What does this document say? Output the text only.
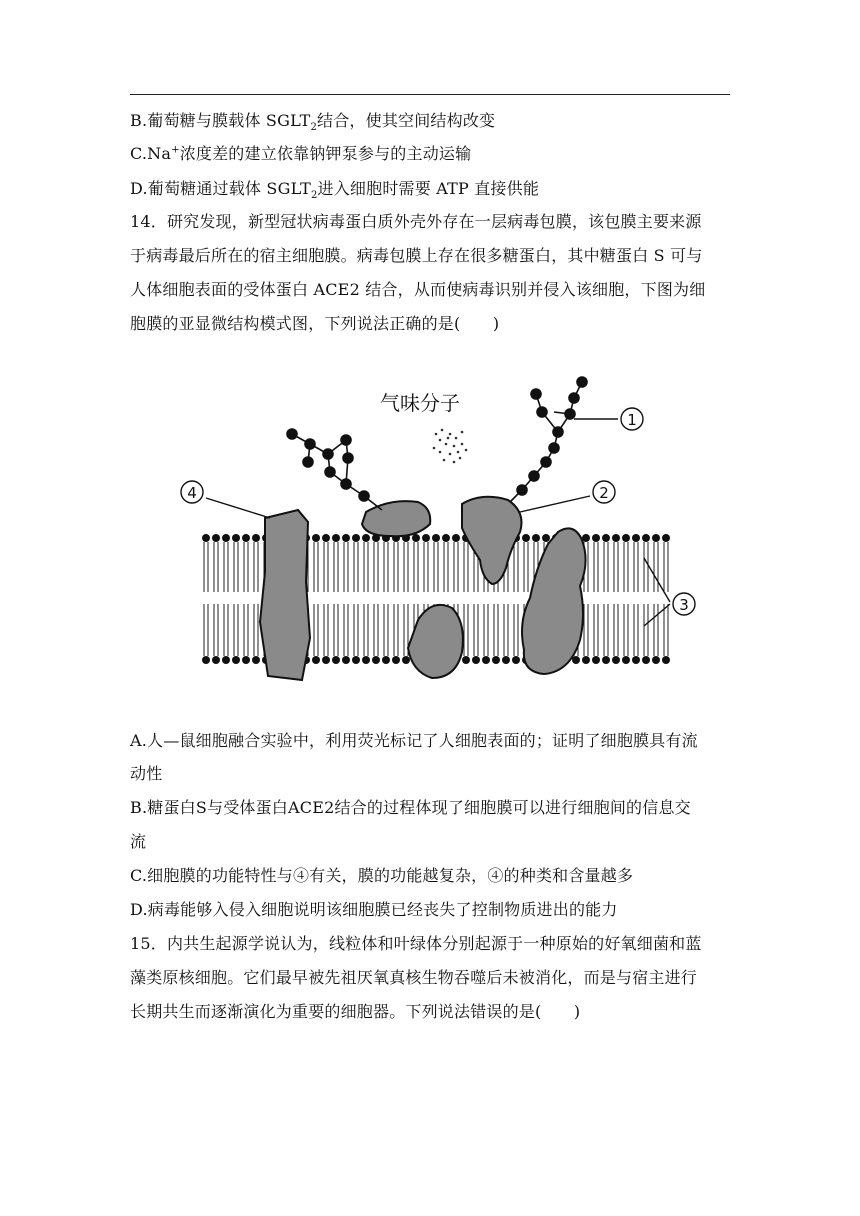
B.葡萄糖与膜载体 $SGLT_2$结合，使其空间结构改变
C.Na+浓度差的建立依靠钠钾泵参与的主动运输
D.葡萄糖通过载体 $SGLT_2$进入细胞时需要 ATP 直接供能
14．研究发现，新型冠状病毒蛋白质外壳外存在一层病毒包膜，该包膜主要来源
于病毒最后所在的宿主细胞膜。病毒包膜上存在很多糖蛋白，其中糖蛋白 S 可与
人体细胞表面的受体蛋白 ACE2 结合，从而使病毒识别并侵入该细胞，下图为细
胞膜的亚显微结构模式图，下列说法正确的是(　　)
气味分子
1
2
3
4
A.人—鼠细胞融合实验中，利用荧光标记了人细胞表面的；证明了细胞膜具有流
动性
B.糖蛋白S与受体蛋白ACE2结合的过程体现了细胞膜可以进行细胞间的信息交
流
C.细胞膜的功能特性与④有关，膜的功能越复杂，④的种类和含量越多
D.病毒能够入侵入细胞说明该细胞膜已经丧失了控制物质进出的能力
15．内共生起源学说认为，线粒体和叶绿体分别起源于一种原始的好氧细菌和蓝
藻类原核细胞。它们最早被先祖厌氧真核生物吞噬后未被消化，而是与宿主进行
长期共生而逐渐演化为重要的细胞器。下列说法错误的是(　　)
